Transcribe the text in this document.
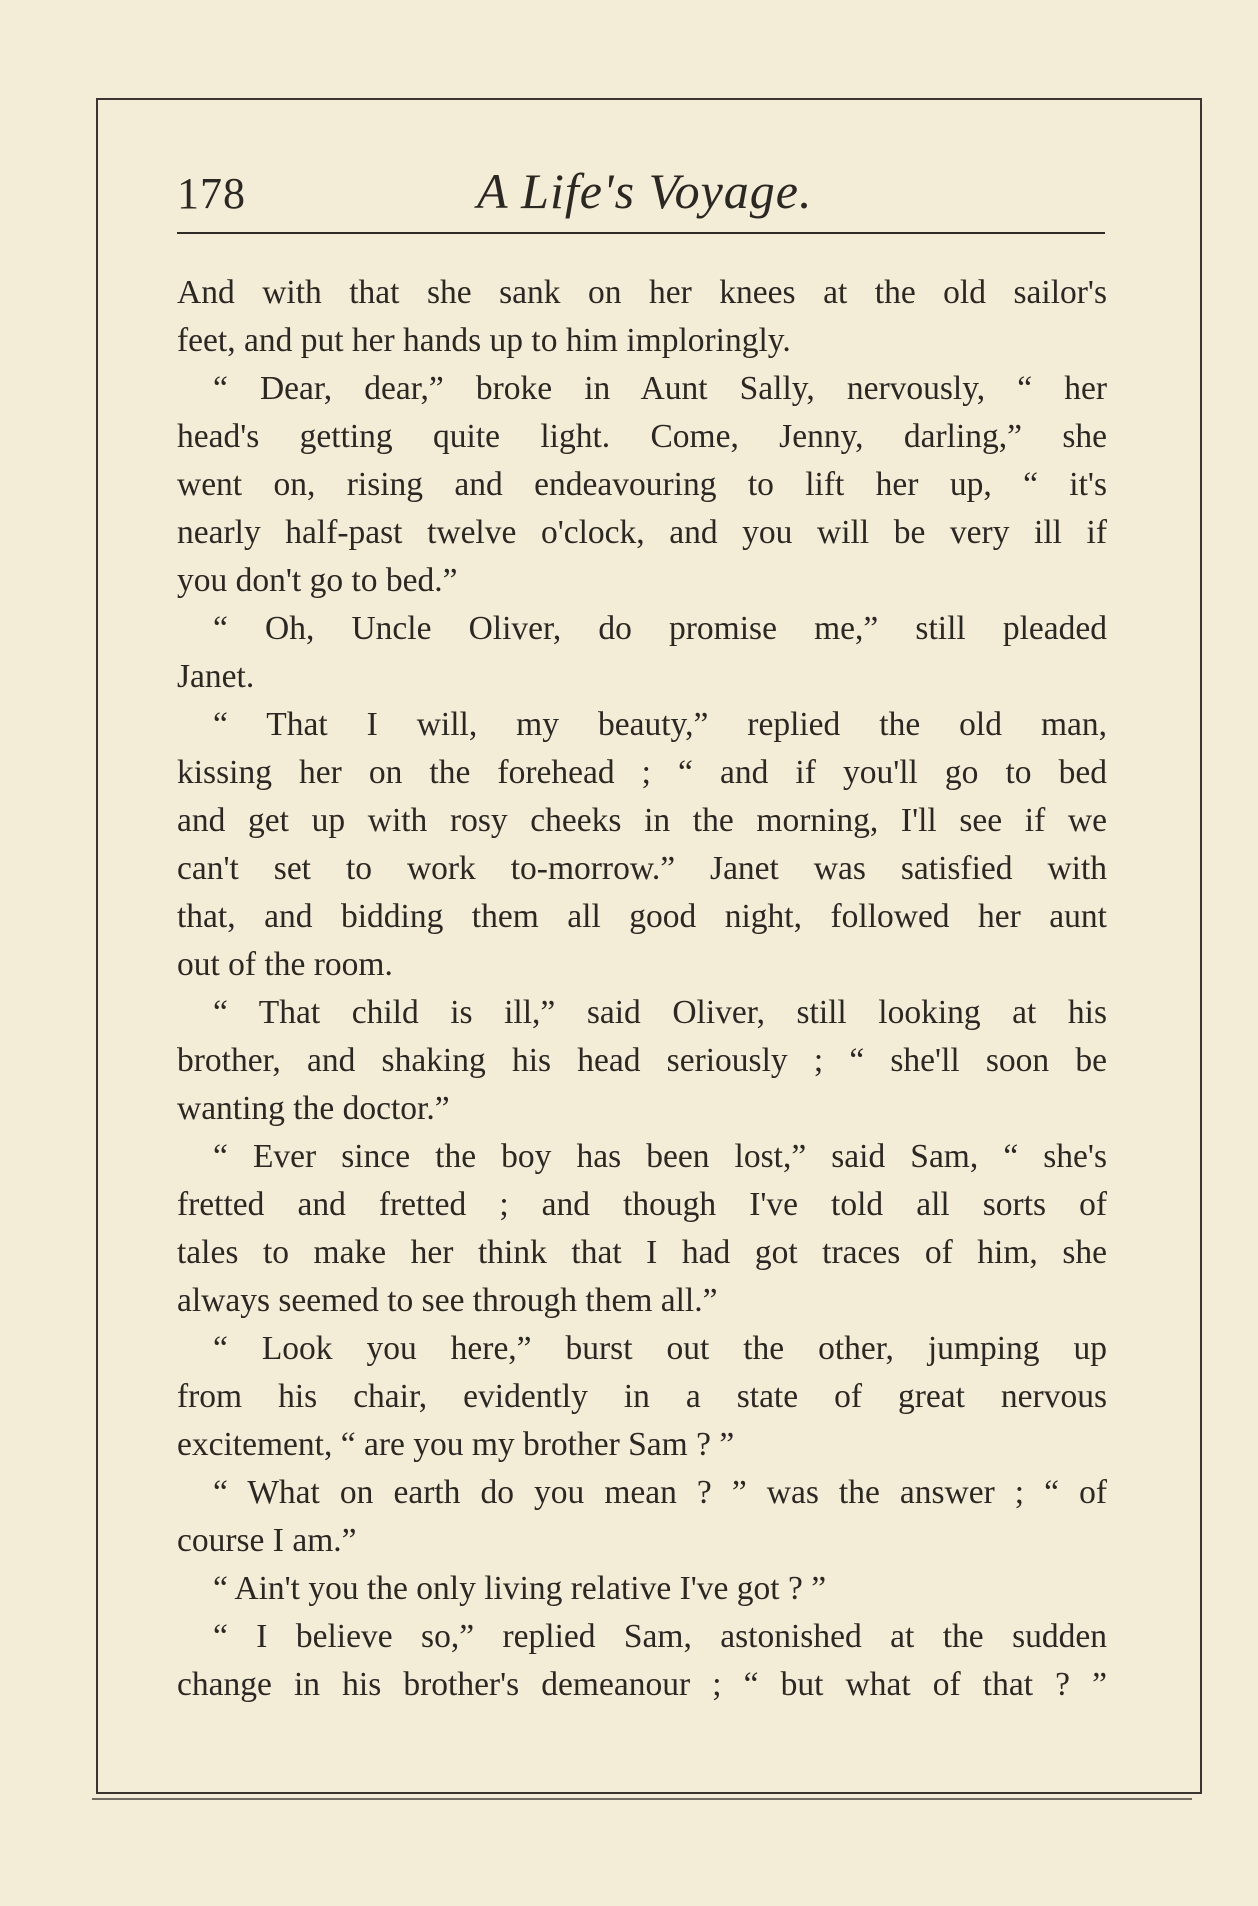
178	A Life's Voyage.
And with that she sank on her knees at the old sailor's
feet, and put her hands up to him imploringly.
“ Dear, dear,” broke in Aunt Sally, nervously, “ her
head's getting quite light. Come, Jenny, darling,” she
went on, rising and endeavouring to lift her up, “ it's
nearly half-past twelve o'clock, and you will be very ill if
you don't go to bed.”
“ Oh, Uncle Oliver, do promise me,” still pleaded
Janet.
“ That I will, my beauty,” replied the old man,
kissing her on the forehead ; “ and if you'll go to bed
and get up with rosy cheeks in the morning, I'll see if we
can't set to work to-morrow.” Janet was satisfied with
that, and bidding them all good night, followed her aunt
out of the room.
“ That child is ill,” said Oliver, still looking at his
brother, and shaking his head seriously ; “ she'll soon be
wanting the doctor.”
“ Ever since the boy has been lost,” said Sam, “ she's
fretted and fretted ; and though I've told all sorts of
tales to make her think that I had got traces of him, she
always seemed to see through them all.”
“ Look you here,” burst out the other, jumping up
from his chair, evidently in a state of great nervous
excitement, “ are you my brother Sam ? ”
“ What on earth do you mean ? ” was the answer ; “ of
course I am.”
“ Ain't you the only living relative I've got ? ”
“ I believe so,” replied Sam, astonished at the sudden
change in his brother's demeanour ; “ but what of that ? ”
